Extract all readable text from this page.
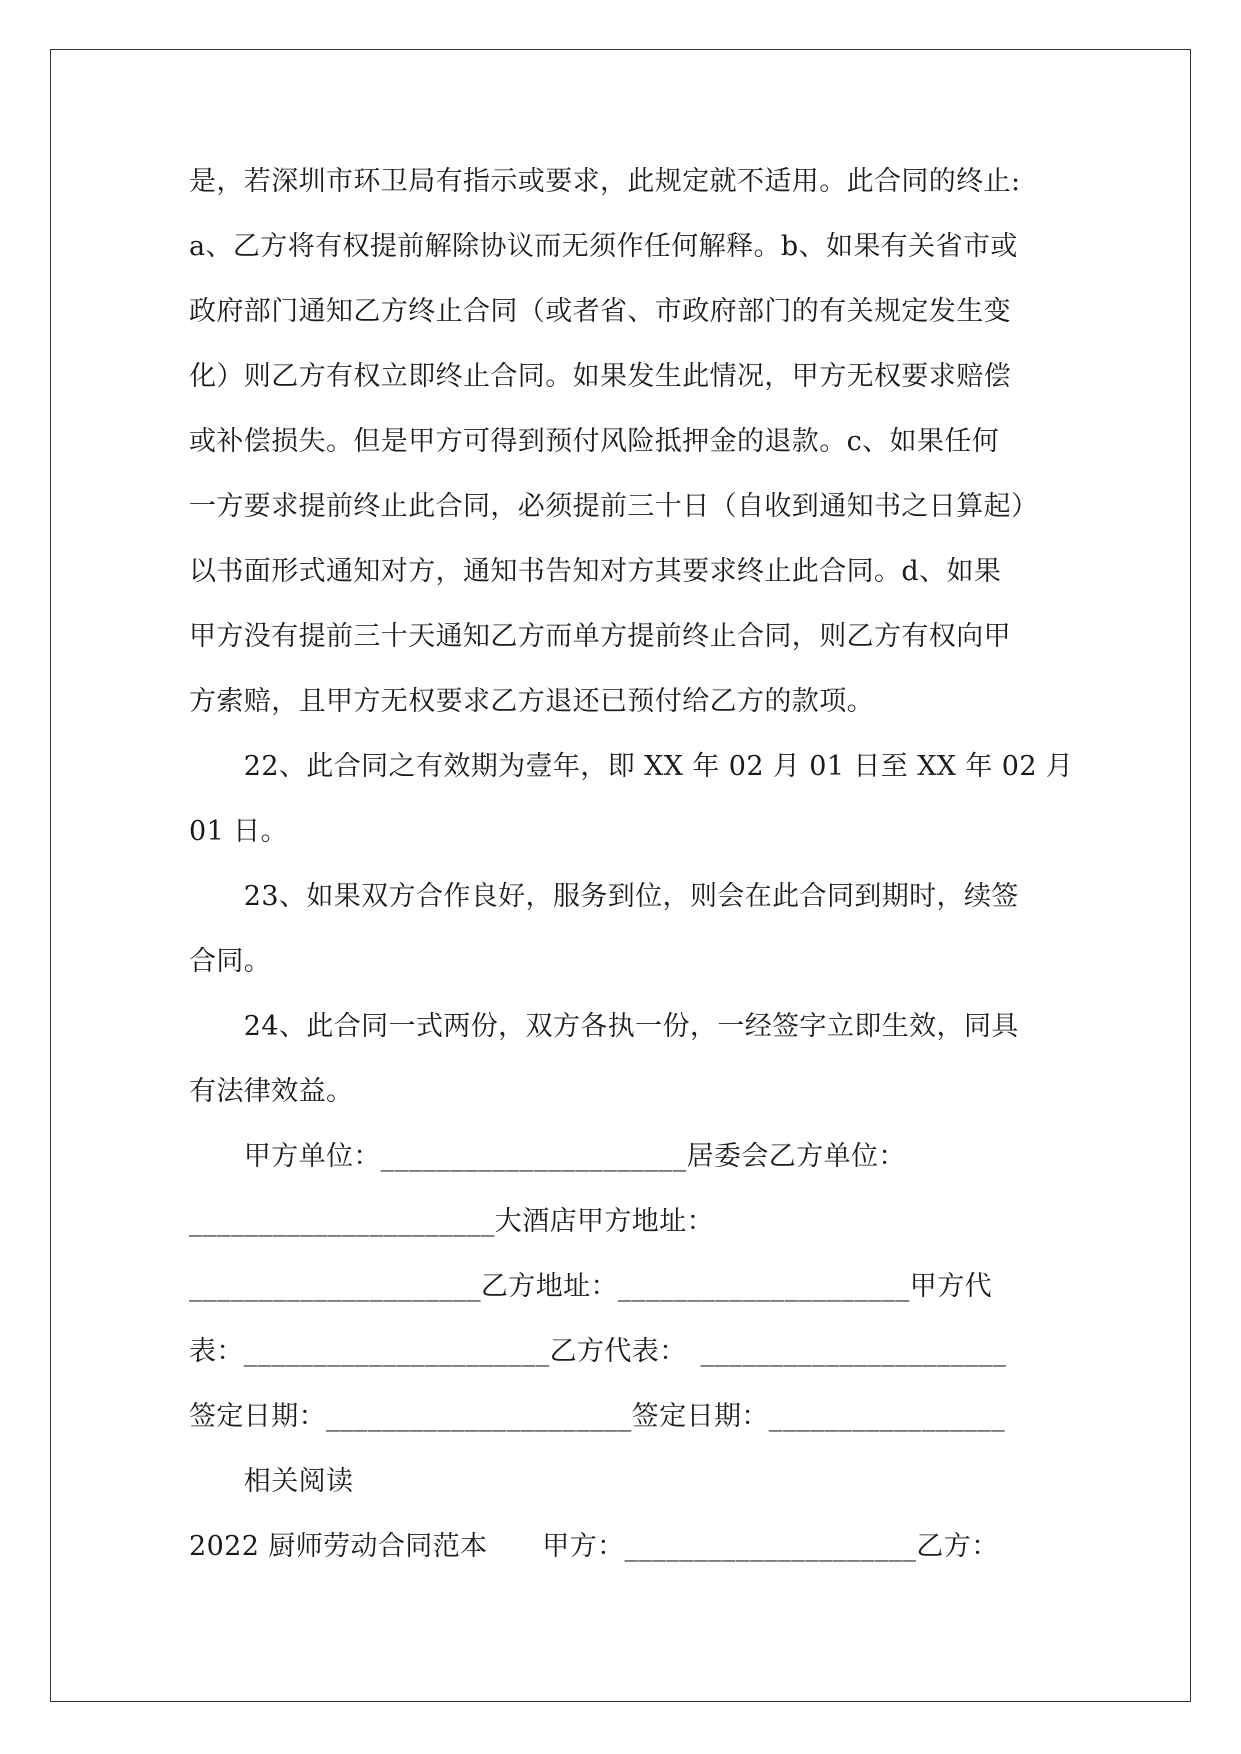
是，若深圳市环卫局有指示或要求，此规定就不适用。此合同的终止:
a、乙方将有权提前解除协议而无须作任何解释。b、如果有关省市或
政府部门通知乙方终止合同（或者省、市政府部门的有关规定发生变
化）则乙方有权立即终止合同。如果发生此情况，甲方无权要求赔偿
或补偿损失。但是甲方可得到预付风险抵押金的退款。c、如果任何
一方要求提前终止此合同，必须提前三十日（自收到通知书之日算起）
以书面形式通知对方，通知书告知对方其要求终止此合同。d、如果
甲方没有提前三十天通知乙方而单方提前终止合同，则乙方有权向甲
方索赔，且甲方无权要求乙方退还已预付给乙方的款项。
　　22、此合同之有效期为壹年，即 XX 年 02 月 01 日至 XX 年 02 月
01 日。
　　23、如果双方合作良好，服务到位，则会在此合同到期时，续签
合同。
　　24、此合同一式两份，双方各执一份，一经签字立即生效，同具
有法律效益。
　　甲方单位：______________________居委会乙方单位：
______________________大酒店甲方地址：
_____________________乙方地址：_____________________甲方代
表：______________________乙方代表：　______________________
签定日期：______________________签定日期：_________________
　　相关阅读
2022 厨师劳动合同范本　　甲方：_____________________乙方：
